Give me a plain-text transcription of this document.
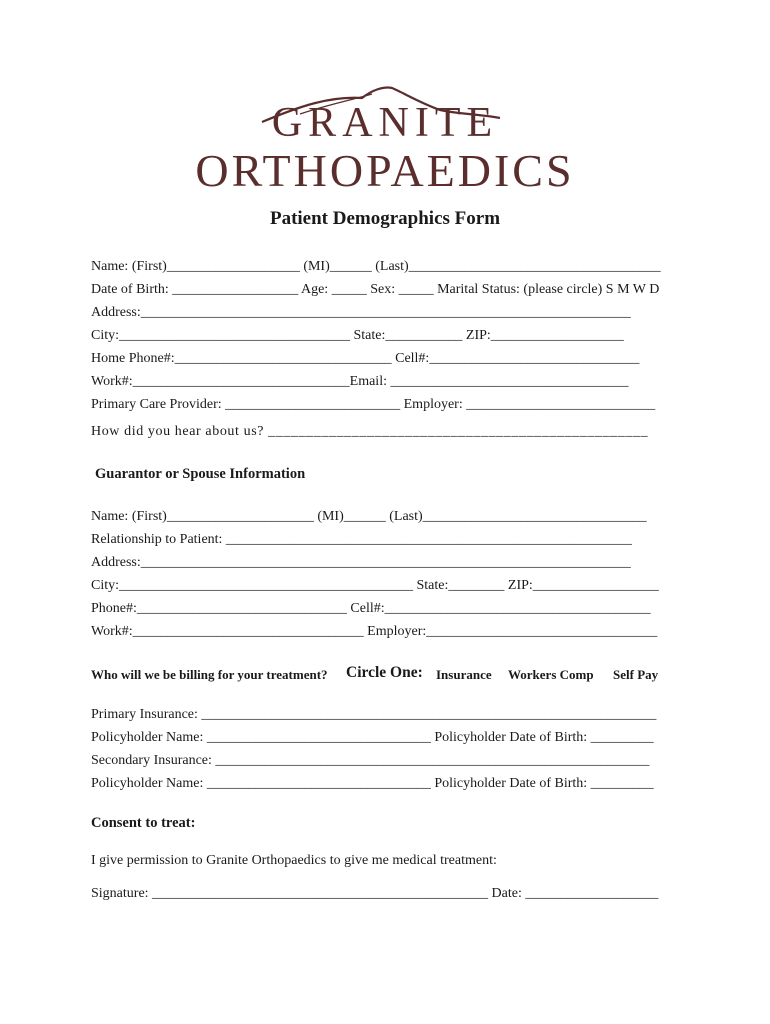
GRANITE
ORTHOPAEDICS
Patient Demographics Form
Name: (First)___________________ (MI)______ (Last)____________________________________
Date of Birth: __________________ Age: _____ Sex: _____ Marital Status: (please circle) S M W D
Address:______________________________________________________________________
City:_________________________________ State:___________ ZIP:___________________
Home Phone#:_______________________________ Cell#:______________________________
Work#:_______________________________Email: __________________________________
Primary Care Provider: _________________________ Employer: ___________________________
How did you hear about us? __________________________________________________
Guarantor or Spouse Information
Name: (First)_____________________ (MI)______ (Last)________________________________
Relationship to Patient: __________________________________________________________
Address:______________________________________________________________________
City:__________________________________________ State:________ ZIP:__________________
Phone#:______________________________ Cell#:______________________________________
Work#:_________________________________ Employer:_________________________________
Who will we be billing for your treatment? Circle One: Insurance Workers Comp Self Pay
Primary Insurance: _________________________________________________________________
Policyholder Name: ________________________________ Policyholder Date of Birth: _________
Secondary Insurance: ______________________________________________________________
Policyholder Name: ________________________________ Policyholder Date of Birth: _________
Consent to treat:
I give permission to Granite Orthopaedics to give me medical treatment:
Signature: ________________________________________________ Date: ___________________
